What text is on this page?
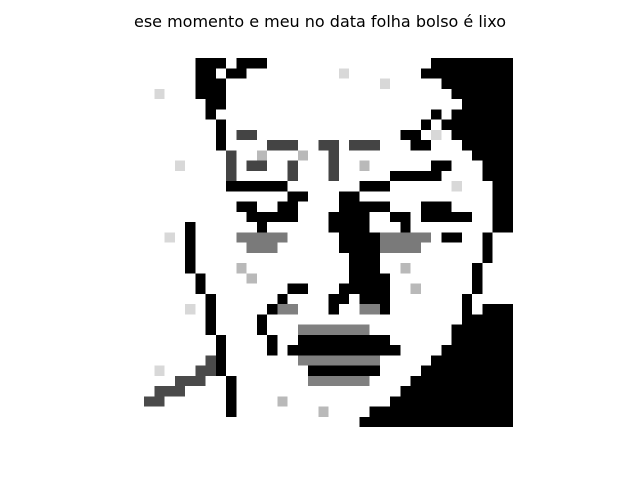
ese momento e meu no data folha bolso é lixo
